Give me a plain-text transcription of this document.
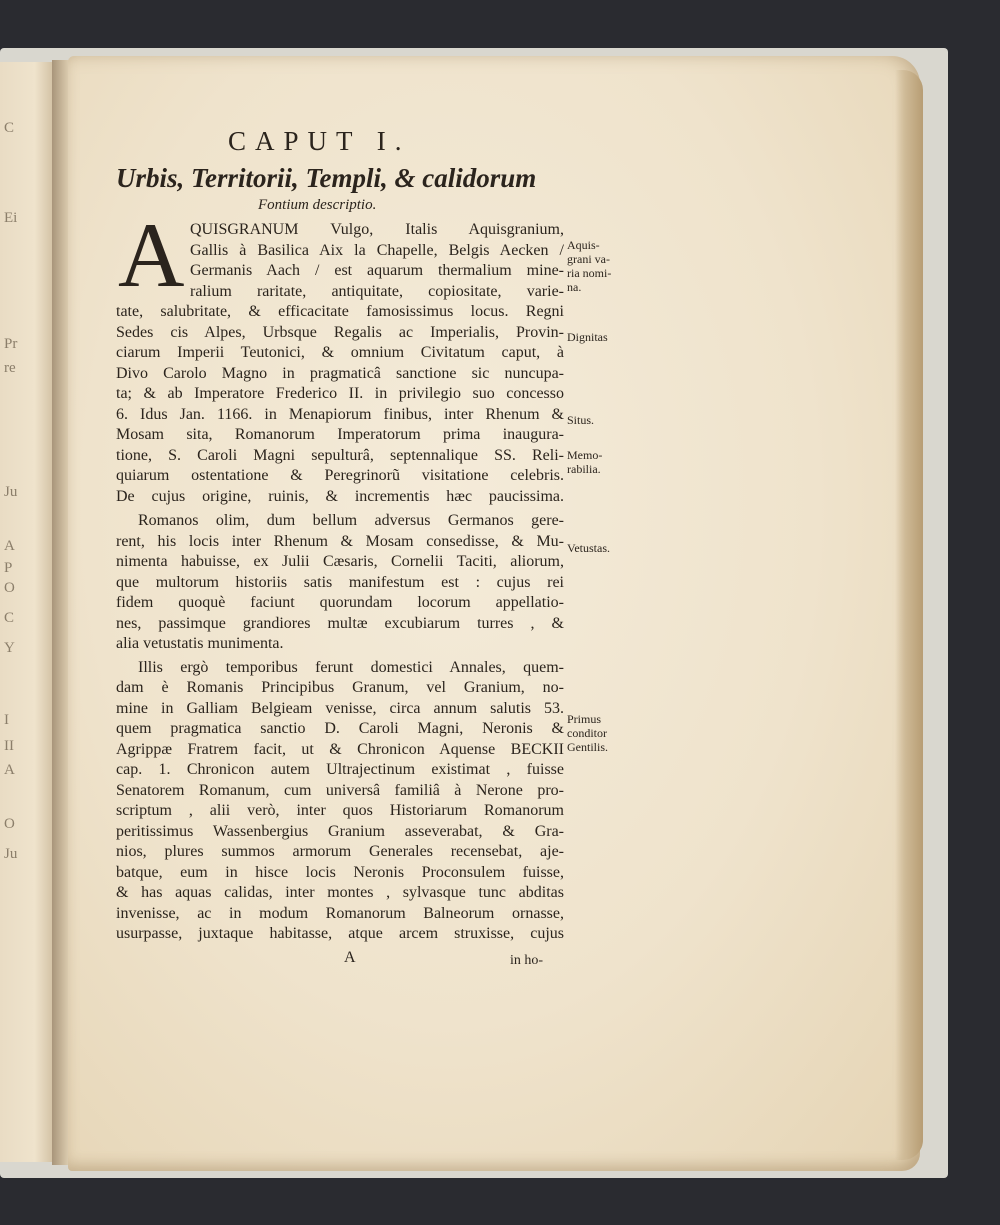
C
Ei
Pr
re
Ju
A
P
O
C
Y
I
II
A
O
Ju
CAPUT I.
Urbis, Territorii, Templi, & calidorum
Fontium descriptio.
A QUISGRANUM Vulgo, Italis Aquisgranium,
Gallis à Basilica Aix la Chapelle, Belgis Aecken /
Germanis Aach / est aquarum thermalium mine-
ralium raritate, antiquitate, copiositate, varie-
tate, salubritate, & efficacitate famosissimus locus. Regni
Sedes cis Alpes, Urbsque Regalis ac Imperialis, Provin-
ciarum Imperii Teutonici, & omnium Civitatum caput, à
Divo Carolo Magno in pragmaticâ sanctione sic nuncupa-
ta; & ab Imperatore Frederico II. in privilegio suo concesso
6. Idus Jan. 1166. in Menapiorum finibus, inter Rhenum &
Mosam sita, Romanorum Imperatorum prima inaugura-
tione, S. Caroli Magni sepulturâ, septennalique SS. Reli-
quiarum ostentatione & Peregrinorũ visitatione celebris.
De cujus origine, ruinis, & incrementis hæc paucissima.
Romanos olim, dum bellum adversus Germanos gere-
rent, his locis inter Rhenum & Mosam consedisse, & Mu-
nimenta habuisse, ex Julii Cæsaris, Cornelii Taciti, aliorum,
que multorum historiis satis manifestum est : cujus rei
fidem quoquè faciunt quorundam locorum appellatio-
nes, passimque grandiores multæ excubiarum turres , &
alia vetustatis munimenta.
Illis ergò temporibus ferunt domestici Annales, quem-
dam è Romanis Principibus Granum, vel Granium, no-
mine in Galliam Belgieam venisse, circa annum salutis 53.
quem pragmatica sanctio D. Caroli Magni, Neronis &
Agrippæ Fratrem facit, ut & Chronicon Aquense BECKII
cap. 1. Chronicon autem Ultrajectinum existimat , fuisse
Senatorem Romanum, cum universâ familiâ à Nerone pro-
scriptum , alii verò, inter quos Historiarum Romanorum
peritissimus Wassenbergius Granium asseverabat, & Gra-
nios, plures summos armorum Generales recensebat, aje-
batque, eum in hisce locis Neronis Proconsulem fuisse,
& has aquas calidas, inter montes , sylvasque tunc abditas
invenisse, ac in modum Romanorum Balneorum ornasse,
usurpasse, juxtaque habitasse, atque arcem struxisse, cujus
Aquis-
grani va-
ria nomi-
na.
Dignitas
Situs.
Memo-
rabilia.
Vetustas.
Primus
conditor
Gentilis.
A	in ho-
